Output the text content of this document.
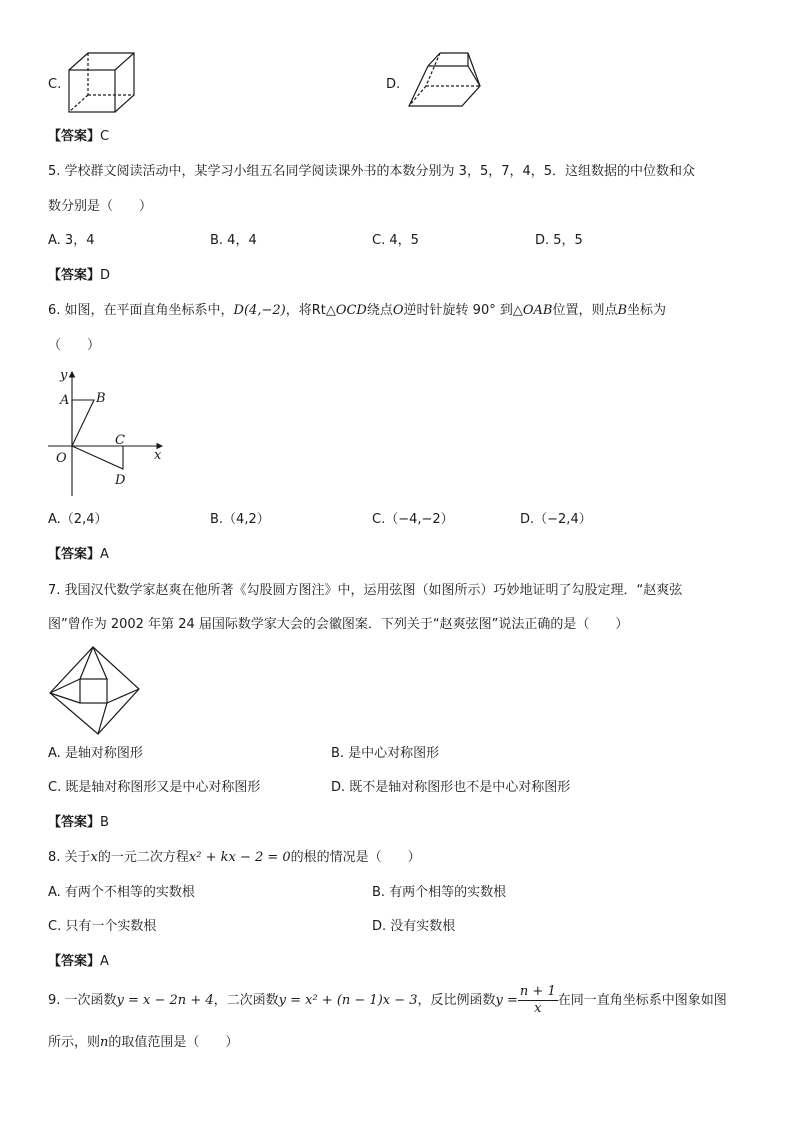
C.	D.
【答案】C
5. 学校群文阅读活动中，某学习小组五名同学阅读课外书的本数分别为 3，5，7，4，5．这组数据的中位数和众
数分别是（　　）
A. 3，4	B. 4，4	C. 4，5	D. 5，5
【答案】D
6. 如图，在平面直角坐标系中，D(4,−2)，将Rt△OCD绕点O逆时针旋转 90° 到△OAB位置，则点B坐标为
（　　）
y
x
A B
C
D
O
A.（2,4）	B.（4,2）	C.（−4,−2）	D.（−2,4）
【答案】A
7. 我国汉代数学家赵爽在他所著《勾股圆方图注》中，运用弦图（如图所示）巧妙地证明了勾股定理．“赵爽弦
图”曾作为 2002 年第 24 届国际数学家大会的会徽图案．下列关于“赵爽弦图”说法正确的是（　　）
A. 是轴对称图形	B. 是中心对称图形
C. 既是轴对称图形又是中心对称图形	D. 既不是轴对称图形也不是中心对称图形
【答案】B
8. 关于x的一元二次方程x² + kx − 2 = 0的根的情况是（　　）
A. 有两个不相等的实数根	B. 有两个相等的实数根
C. 只有一个实数根	D. 没有实数根
【答案】A
9. 一次函数y = x − 2n + 4，二次函数y = x² + (n − 1)x − 3，反比例函数$y = \frac{n + 1}{x}$ 在同一直角坐标系中图象如图
所示，则n的取值范围是（　　）
